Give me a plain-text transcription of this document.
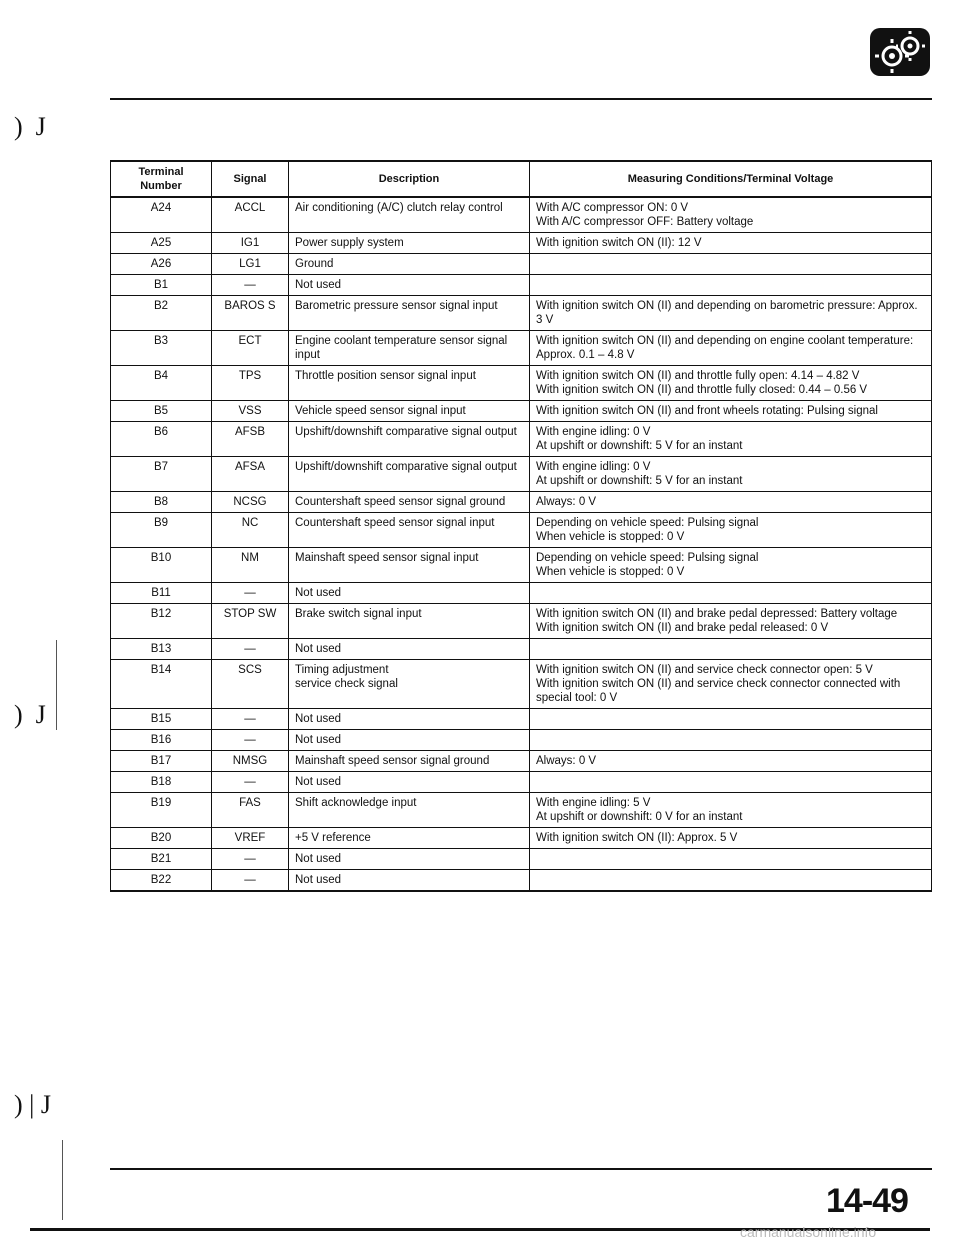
)  J
)  J
) | J
Terminal Number	Signal	Description	Measuring Conditions/Terminal Voltage
A24	ACCL	Air conditioning (A/C) clutch relay control	With A/C compressor ON: 0 V
With A/C compressor OFF: Battery voltage

A25	IG1	Power supply system	With ignition switch ON (II): 12 V

A26	LG1	Ground	

B1	—	Not used	

B2	BAROS S	Barometric pressure sensor signal input	With ignition switch ON (II) and depending on barometric pressure: Approx. 3 V

B3	ECT	Engine coolant temperature sensor signal input	With ignition switch ON (II) and depending on engine coolant temperature: Approx. 0.1 – 4.8 V

B4	TPS	Throttle position sensor signal input	With ignition switch ON (II) and throttle fully open: 4.14 – 4.82 V
With ignition switch ON (II) and throttle fully closed: 0.44 – 0.56 V

B5	VSS	Vehicle speed sensor signal input	With ignition switch ON (II) and front wheels rotating: Pulsing signal

B6	AFSB	Upshift/downshift comparative signal output	With engine idling: 0 V
At upshift or downshift: 5 V for an instant

B7	AFSA	Upshift/downshift comparative signal output	With engine idling: 0 V
At upshift or downshift: 5 V for an instant

B8	NCSG	Countershaft speed sensor signal ground	Always: 0 V

B9	NC	Countershaft speed sensor signal input	Depending on vehicle speed: Pulsing signal
When vehicle is stopped: 0 V

B10	NM	Mainshaft speed sensor signal input	Depending on vehicle speed: Pulsing signal
When vehicle is stopped: 0 V

B11	—	Not used	

B12	STOP SW	Brake switch signal input	With ignition switch ON (II) and brake pedal depressed: Battery voltage
With ignition switch ON (II) and brake pedal released: 0 V

B13	—	Not used	

B14	SCS	Timing adjustment
service check signal	With ignition switch ON (II) and service check connector open: 5 V
With ignition switch ON (II) and service check connector connected with special tool: 0 V

B15	—	Not used	

B16	—	Not used	

B17	NMSG	Mainshaft speed sensor signal ground	Always: 0 V

B18	—	Not used	

B19	FAS	Shift acknowledge input	With engine idling: 5 V
At upshift or downshift: 0 V for an instant

B20	VREF	+5 V reference	With ignition switch ON (II): Approx. 5 V

B21	—	Not used	

B22	—	Not used	

14-49
carmanualsonline.info
